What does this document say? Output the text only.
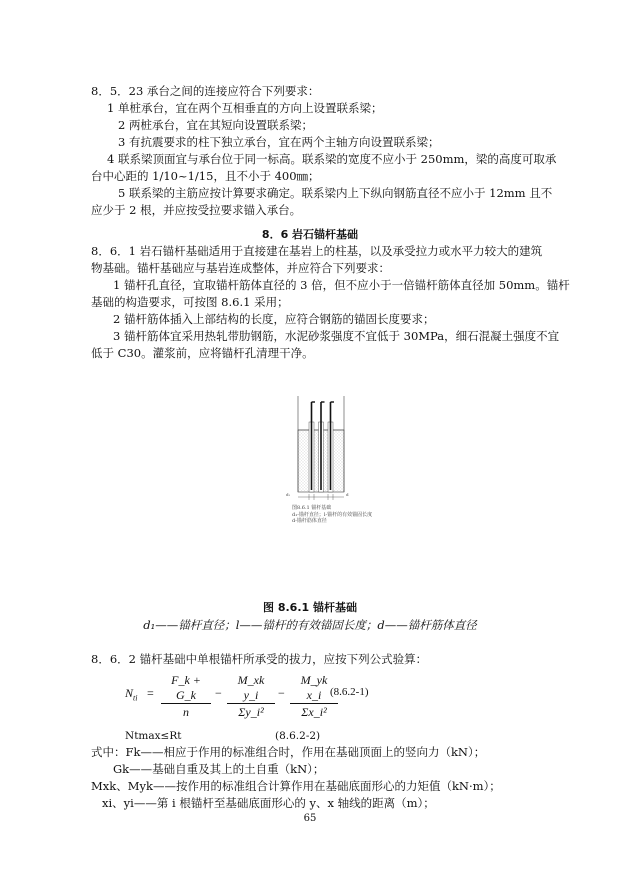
8．5．23 承台之间的连接应符合下列要求：
1 单桩承台，宜在两个互相垂直的方向上设置联系梁；
2 两桩承台，宜在其短向设置联系梁；
3 有抗震要求的柱下独立承台，宜在两个主轴方向设置联系梁；
4 联系梁顶面宜与承台位于同一标高。联系梁的宽度不应小于 250mm，梁的高度可取承
台中心距的 1/10~1/15，且不小于 400㎜；
5 联系梁的主筋应按计算要求确定。联系梁内上下纵向钢筋直径不应小于 12mm 且不
应少于 2 根，并应按受拉要求锚入承台。
8．6 岩石锚杆基础
8．6．1 岩石锚杆基础适用于直接建在基岩上的柱基，以及承受拉力或水平力较大的建筑
物基础。锚杆基础应与基岩连成整体，并应符合下列要求：
1 锚杆孔直径，宜取锚杆筋体直径的 3 倍，但不应小于一倍锚杆筋体直径加 50mm。锚杆
基础的构造要求，可按图 8.6.1 采用；
2 锚杆筋体插入上部结构的长度，应符合钢筋的锚固长度要求；
3 锚杆筋体宜采用热轧带肋钢筋，水泥砂浆强度不宜低于 30MPa，细石混凝土强度不宜
低于 C30。灌浆前，应将锚杆孔清理干净。
d₁	d
图8.6.1 锚杆基础
d₁-锚杆直径；l-锚杆的有效锚固长度
d-锚杆筋体直径
图 8.6.1 锚杆基础
d₁——锚杆直径；l——锚杆的有效锚固长度；d——锚杆筋体直径
8．6．2 锚杆基础中单根锚杆所承受的拔力，应按下列公式验算：
$N_{ti} = \frac{F\_k + G\_k}{n} - \frac{\text{M\_xk y\_i}}{\text{Σy\_i²}} - \frac{\text{M\_yk x\_i}}{\text{Σx\_i²}}$
(8.6.2-1)
Ntmax≤Rt	(8.6.2-2)
式中：Fk——相应于作用的标准组合时，作用在基础顶面上的竖向力（kN）；
Gk——基础自重及其上的土自重（kN）；
Mxk、Myk——按作用的标准组合计算作用在基础底面形心的力矩值（kN·m）；
xi、yi——第 i 根锚杆至基础底面形心的 y、x 轴线的距离（m）；
65
